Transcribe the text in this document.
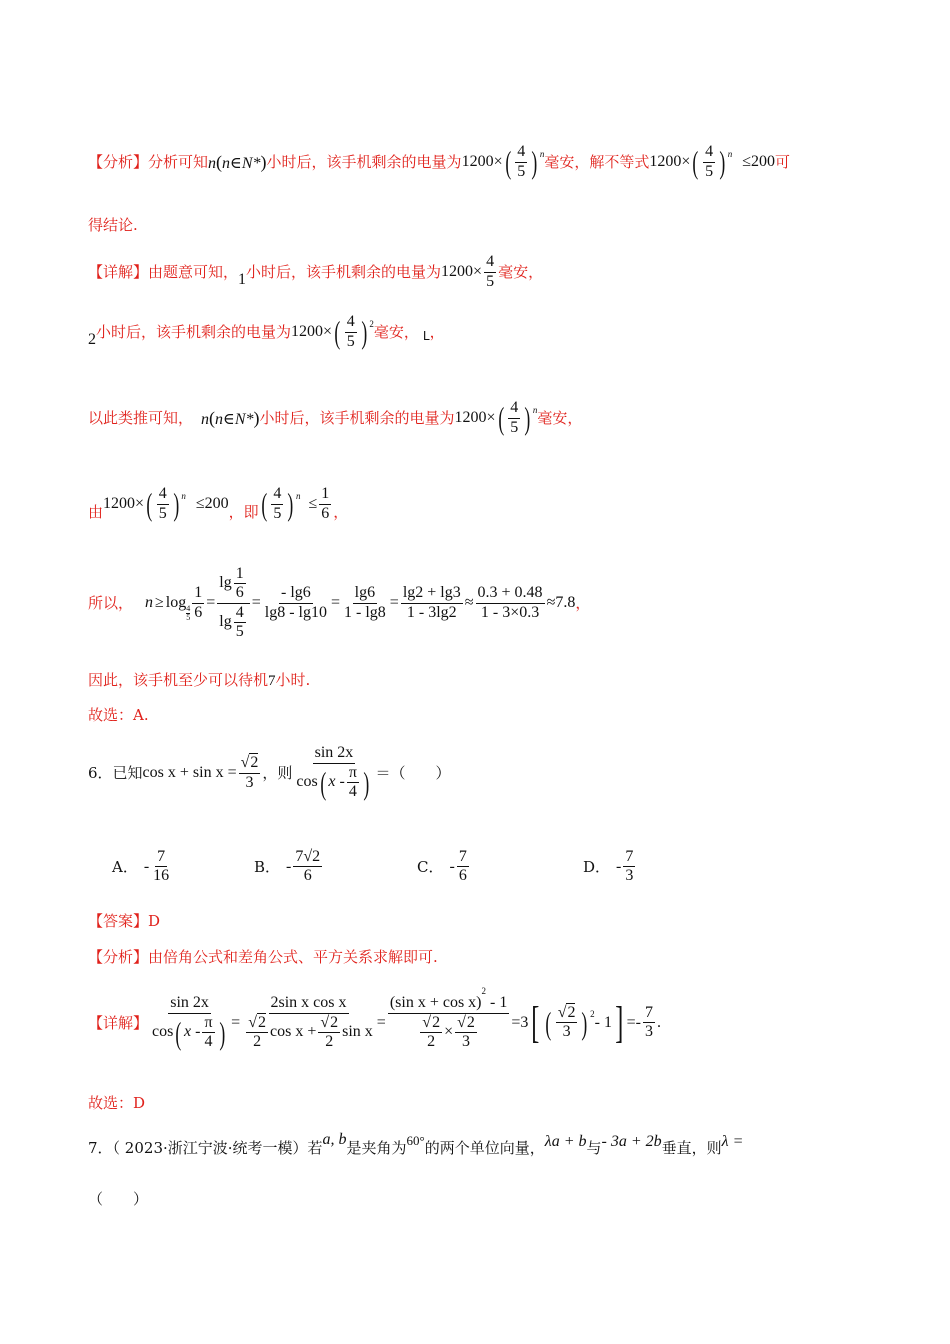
【分析】 分析可知 n(n∈N*) 小时后，该手机剩余的电量为 1200 × ( $\frac{4}{5}$ ) n 毫安，解不等式 1200 × ( $\frac{4}{5}$ ) n ≤200 可
得结论.
【详解】 由题意可知， 1 小时后，该手机剩余的电量为 $1200 \times \frac{4}{5}$ 毫安，
2 小时后，该手机剩余的电量为 1200 × ( $\frac{4}{5}$ ) 2 毫安， L ，
以此类推可知， n(n∈N*) 小时后，该手机剩余的电量为 1200 × ( $\frac{4}{5}$ ) n 毫安，
由 1200 × ( $\frac{4}{5}$ ) n ≤200 ，即 ( $\frac{4}{5}$ ) $n \le \frac{1}{6}$ ，
所以， n ≥ log 4
$5 \frac{1}{6} = \frac{\lg \frac{1}{6}}{\lg \frac{4}{5}} = \frac{- \lg 6}{\lg 8 - \lg 10} = \frac{\lg 6}{1 - \lg 8} = \frac{\lg 2 + \lg 3}{1 - 3\lg 2} \approx \frac{0.3 + 0.48}{1 - 3\times 0.3} \approx 7.8$ ，
因此，该手机至少可以待机7小时.
故选：A.
6．已知 $\cos x + \sin x = \frac{√2}{3}$ ，则 $\frac{\sin 2x}{\cos ( x - \frac{\pi}{4} )}$ ＝（　　）
A． - $\frac{7}{16}$	B． - $\frac{7√2}{6}$	C． - $\frac{7}{6}$	D． - $\frac{7}{3}$
【答案】D
【分析】由倍角公式和差角公式、平方关系求解即可.
【详解】 $\frac{\sin 2x}{\cos ( x - \frac{\pi}{4} )} = \frac{\text{2sin x cos x}}{\frac{√2}{2} \cos x + \frac{√2}{2} \sin x} = \frac{(\sin x + \cos x)^2 - 1}{\frac{√2}{2} \times \frac{√2}{3}} =3$ [ ( $\frac{√2}{3}$ ) 2 - 1 ] =- $\frac{7}{3}$ .
故选：D
7．（ 2023·浙江宁波·统考一模）若 a, b 是夹角为 60° 的两个单位向量， λa + b 与 - 3a + 2b 垂直，则 λ =
（　　）
